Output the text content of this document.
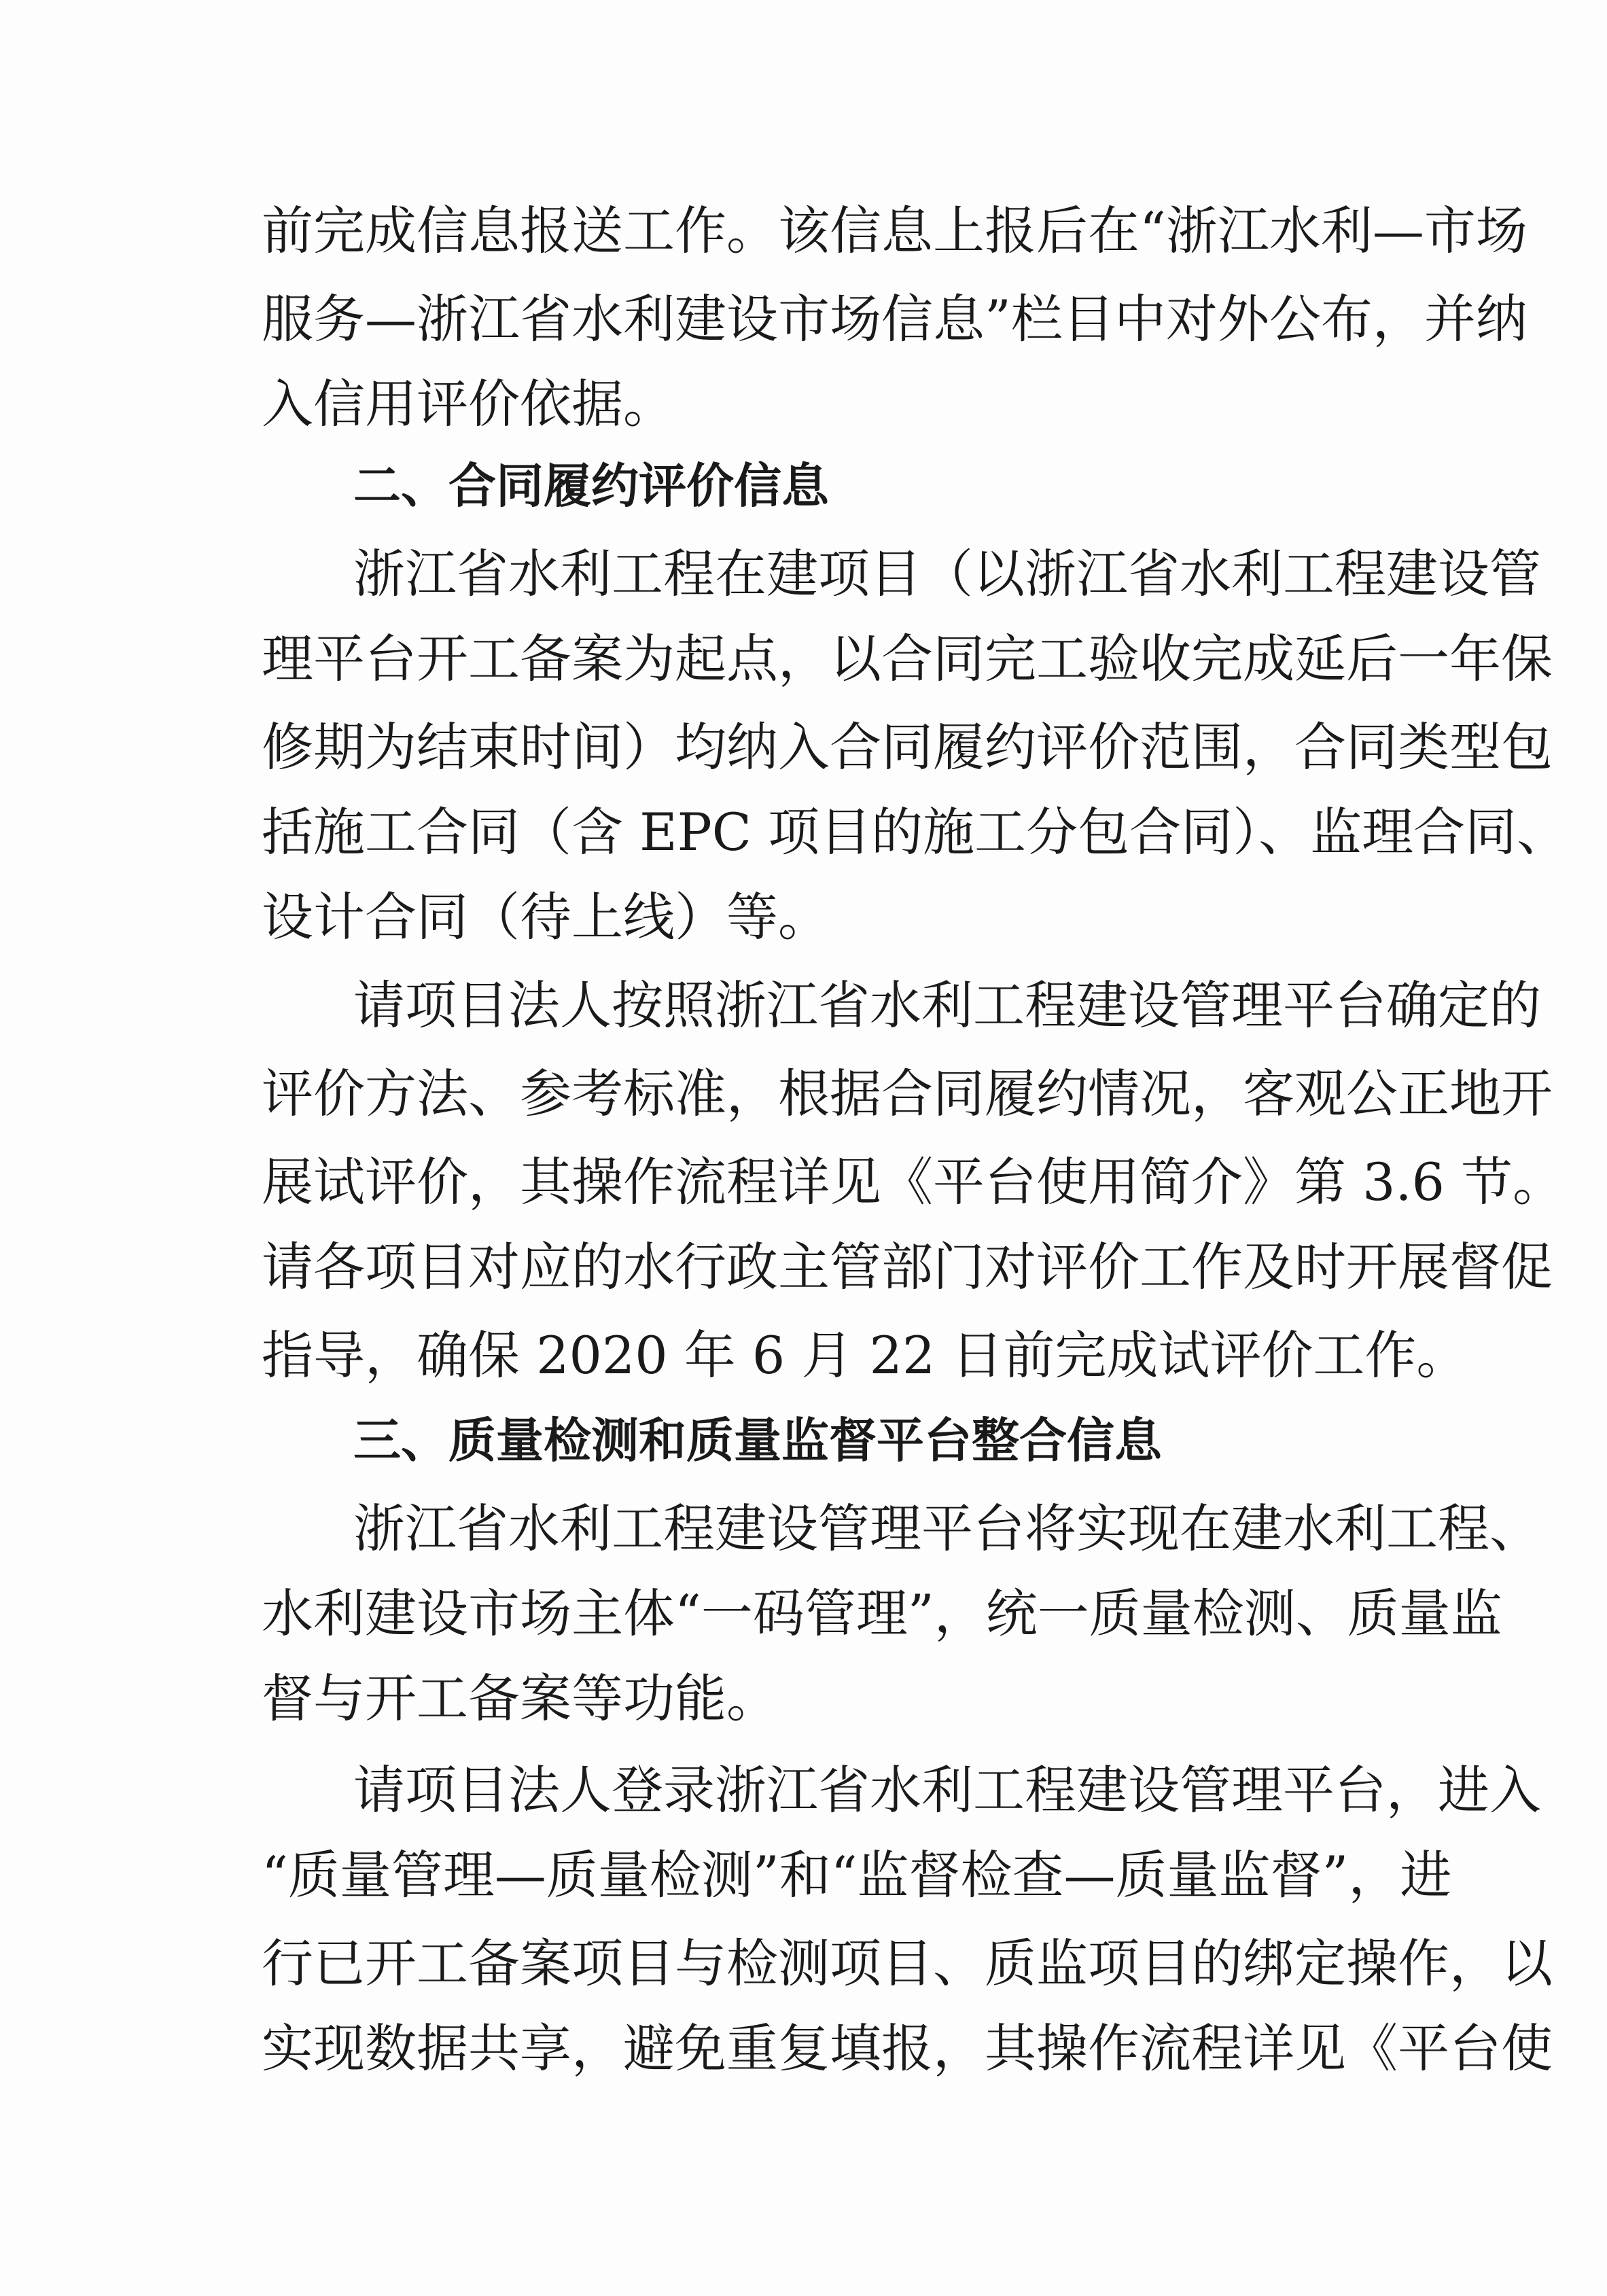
前完成信息报送工作。该信息上报后在“浙江水利—市场

服务—浙江省水利建设市场信息”栏目中对外公布，并纳

入信用评价依据。

二、合同履约评价信息

浙江省水利工程在建项目（以浙江省水利工程建设管

理平台开工备案为起点，以合同完工验收完成延后一年保

修期为结束时间）均纳入合同履约评价范围，合同类型包

括施工合同（含 EPC 项目的施工分包合同）、监理合同、

设计合同（待上线）等。

请项目法人按照浙江省水利工程建设管理平台确定的

评价方法、参考标准，根据合同履约情况，客观公正地开

展试评价，其操作流程详见《平台使用简介》第 3.6 节。

请各项目对应的水行政主管部门对评价工作及时开展督促

指导，确保 2020 年 6 月 22 日前完成试评价工作。

三、质量检测和质量监督平台整合信息

浙江省水利工程建设管理平台将实现在建水利工程、

水利建设市场主体“一码管理”，统一质量检测、质量监

督与开工备案等功能。

请项目法人登录浙江省水利工程建设管理平台，进入

“质量管理—质量检测”和“监督检查—质量监督”，进

行已开工备案项目与检测项目、质监项目的绑定操作，以

实现数据共享，避免重复填报，其操作流程详见《平台使
